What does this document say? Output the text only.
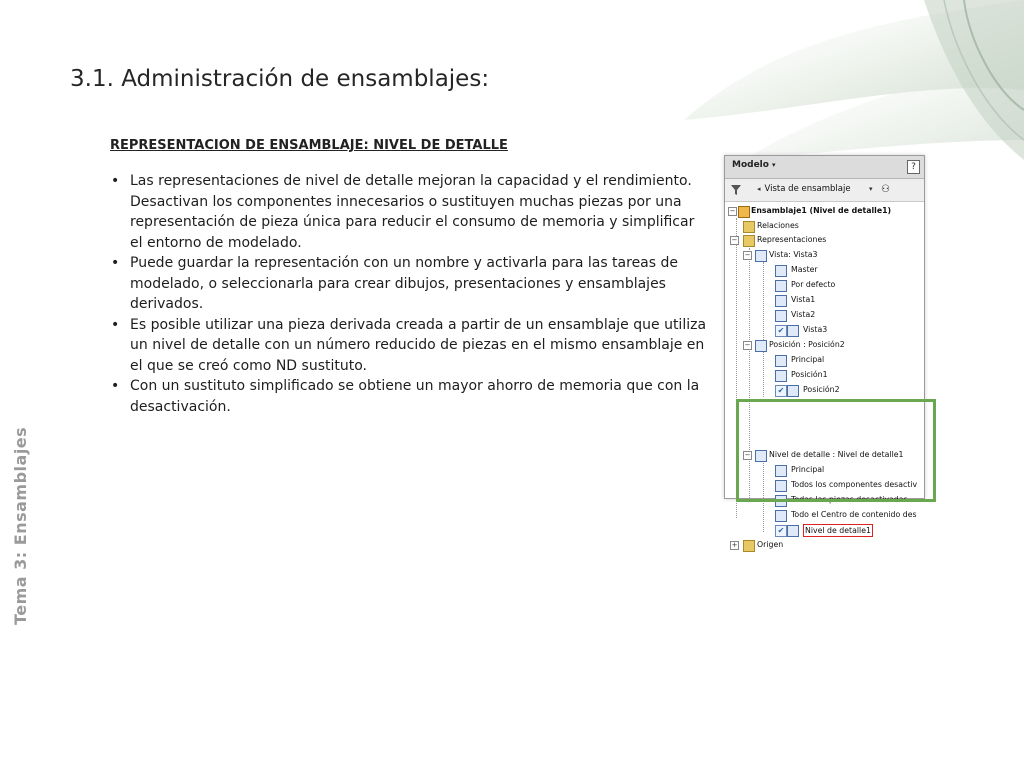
3.1. Administración de ensamblajes:
Tema 3: Ensamblajes
REPRESENTACION DE ENSAMBLAJE: NIVEL DE DETALLE
• Las representaciones de nivel de detalle mejoran la capacidad y el rendimiento. Desactivan los componentes innecesarios o sustituyen muchas piezas por una representación de pieza única para reducir el consumo de memoria y simplificar el entorno de modelado.
• Puede guardar la representación con un nombre y activarla para las tareas de modelado, o seleccionarla para crear dibujos, presentaciones y ensamblajes derivados.
• Es posible utilizar una pieza derivada creada a partir de un ensamblaje que utiliza un nivel de detalle con un número reducido de piezas en el mismo ensamblaje en el que se creó como ND sustituto.
• Con un sustituto simplificado se obtiene un mayor ahorro de memoria que con la desactivación.
Modelo ▾	?
◂ Vista de ensamblaje	▾ ⚇
− Ensamblaje1 (Nivel de detalle1)
Relaciones
−	Representaciones
− Vista: Vista3
Master
Por defecto
Vista1
Vista2
✔	Vista3
− Posición : Posición2
Principal
Posición1
✔	Posición2
− Nivel de detalle : Nivel de detalle1
Principal
Todos los componentes desactiv
Todas las piezas desactivadas
Todo el Centro de contenido des
✔	Nivel de detalle1
+	Origen
